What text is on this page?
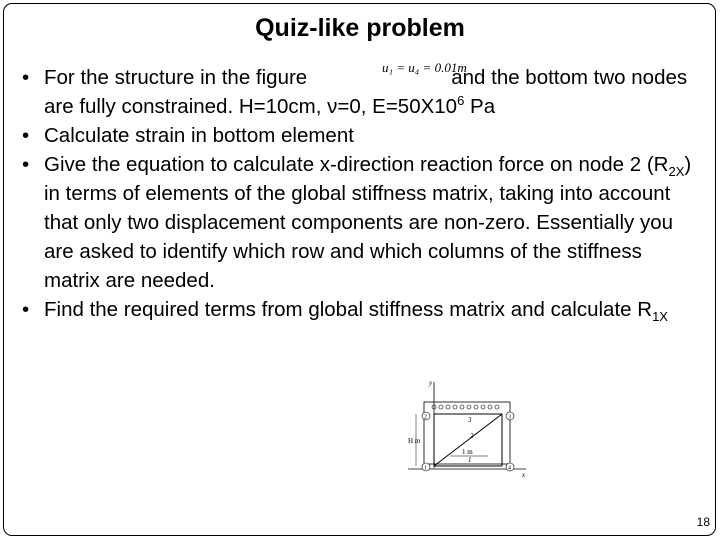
Quiz-like problem
• For the structure in the figure	and the bottom two nodes are fully constrained. H=10cm, ν=0, $E=50X10^6$ Pa
• Calculate strain in bottom element
• Give the equation to calculate x-direction reaction force on node 2 $(R_{2X})$ in terms of elements of the global stiffness matrix, taking into account that only two displacement components are non-zero. Essentially you are asked to identify which row and which columns of the stiffness matrix are needed.
• Find the required terms from global stiffness matrix and calculate $R_{1X}$
u₁ = u₄ = 0.01m
y
x
3
2
1
1 m
H m
2	3
1	4
18
